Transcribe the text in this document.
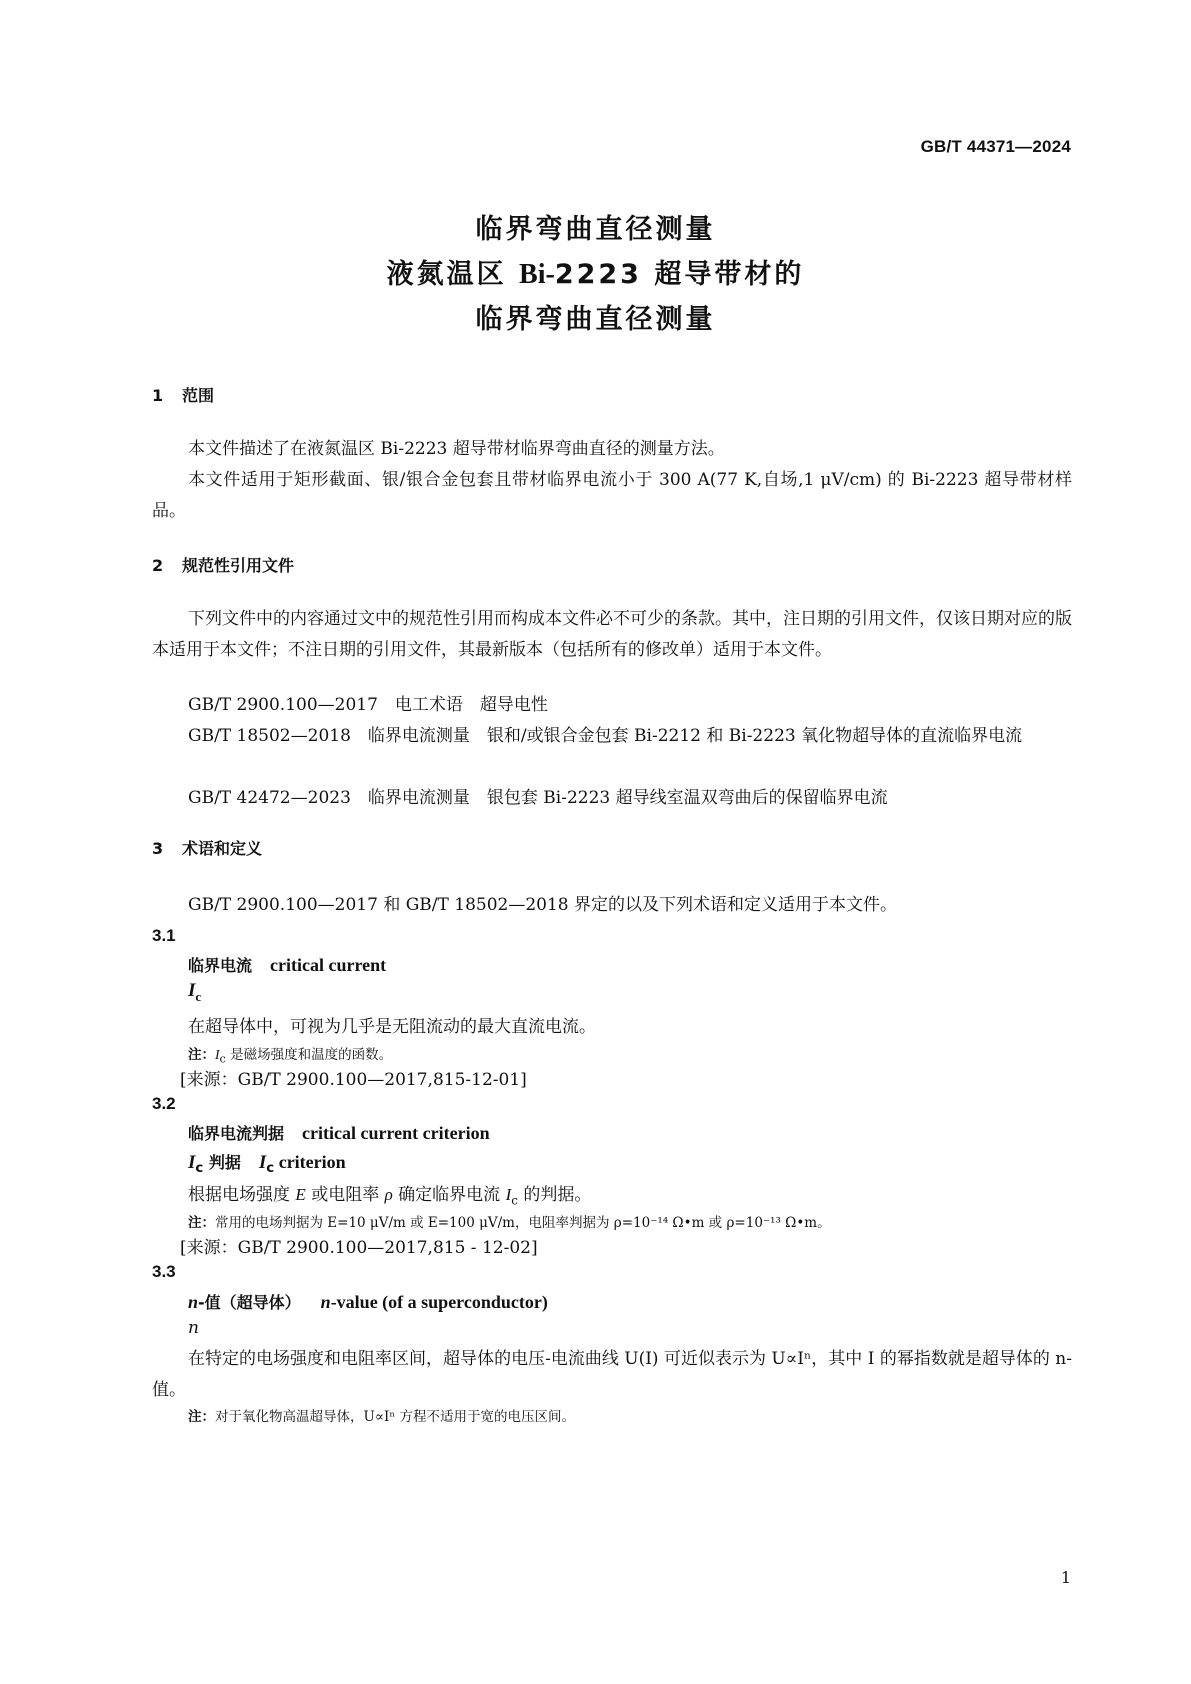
GB/T 44371—2024
临界弯曲直径测量
液氮温区 Bi-2223 超导带材的
临界弯曲直径测量
1 范围
本文件描述了在液氮温区 Bi-2223 超导带材临界弯曲直径的测量方法。
本文件适用于矩形截面、银/银合金包套且带材临界电流小于 300 A(77 K,自场,1 μV/cm) 的 Bi-2223 超导带材样品。
2 规范性引用文件
下列文件中的内容通过文中的规范性引用而构成本文件必不可少的条款。其中，注日期的引用文件，仅该日期对应的版本适用于本文件；不注日期的引用文件，其最新版本（包括所有的修改单）适用于本文件。
GB/T 2900.100—2017　电工术语　超导电性
GB/T 18502—2018　临界电流测量　银和/或银合金包套 Bi-2212 和 Bi-2223 氧化物超导体的直流临界电流
GB/T 42472—2023　临界电流测量　银包套 Bi-2223 超导线室温双弯曲后的保留临界电流
3 术语和定义
GB/T 2900.100—2017 和 GB/T 18502—2018 界定的以及下列术语和定义适用于本文件。
3.1
临界电流 critical current
$I_c$
在超导体中，可视为几乎是无阻流动的最大直流电流。
注：$I_c$ 是磁场强度和温度的函数。
[来源：GB/T 2900.100—2017,815-12-01]
3.2
临界电流判据 critical current criterion
$I_c$ 判据 $I_c$ criterion
根据电场强度 E 或电阻率 ρ 确定临界电流 $I_c$ 的判据。
注：常用的电场判据为 E=10 μV/m 或 E=100 μV/m，电阻率判据为 ρ=10⁻¹⁴ Ω•m 或 ρ=10⁻¹³ Ω•m。
[来源：GB/T 2900.100—2017,815 - 12-02]
3.3
n-值（超导体） n-value (of a superconductor)
n
在特定的电场强度和电阻率区间，超导体的电压-电流曲线 U(I) 可近似表示为 U∝Iⁿ，其中 I 的幂指数就是超导体的 n-值。
注：对于氧化物高温超导体，U∝Iⁿ 方程不适用于宽的电压区间。
1
